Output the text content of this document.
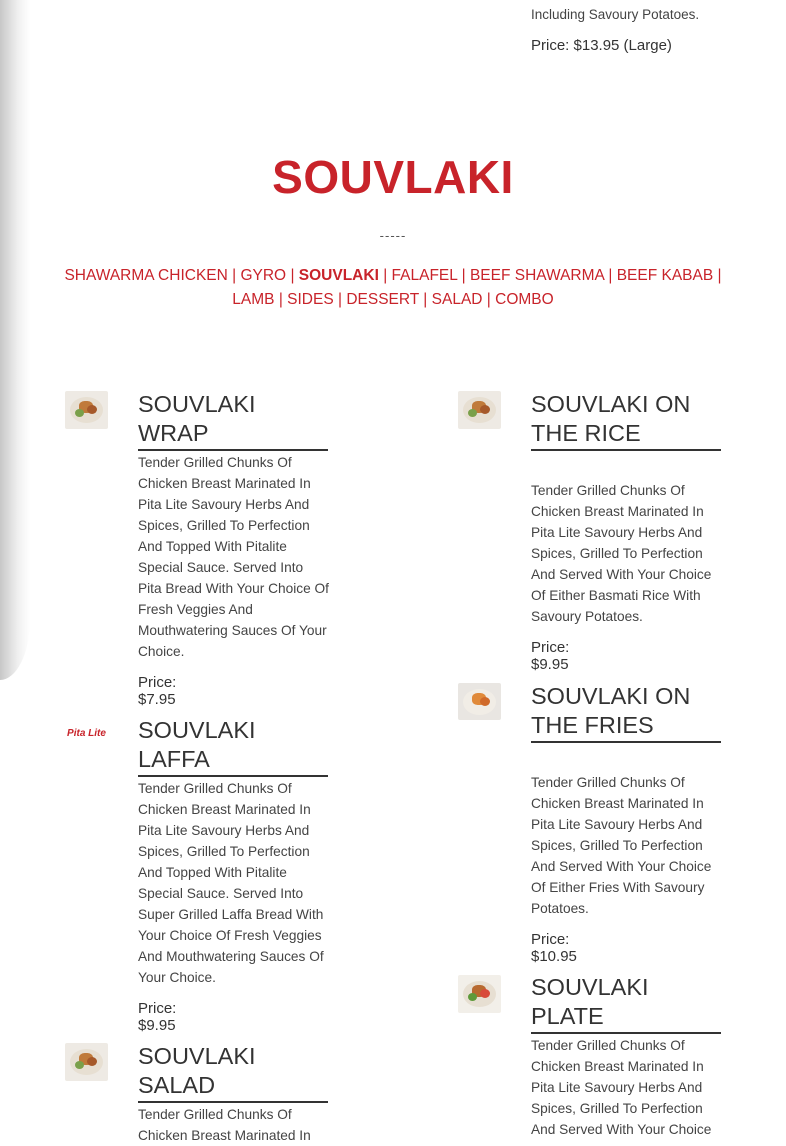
Including Savoury Potatoes.
Price: $13.95 (Large)
SOUVLAKI
-----
SHAWARMA CHICKEN | GYRO | SOUVLAKI | FALAFEL | BEEF SHAWARMA | BEEF KABAB | LAMB | SIDES | DESSERT | SALAD | COMBO
SOUVLAKI WRAP
Tender Grilled Chunks Of Chicken Breast Marinated In Pita Lite Savoury Herbs And Spices, Grilled To Perfection And Topped With Pitalite Special Sauce. Served Into Pita Bread With Your Choice Of Fresh Veggies And Mouthwatering Sauces Of Your Choice.
Price: $7.95
Pita Lite SOUVLAKI LAFFA
Tender Grilled Chunks Of Chicken Breast Marinated In Pita Lite Savoury Herbs And Spices, Grilled To Perfection And Topped With Pitalite Special Sauce. Served Into Super Grilled Laffa Bread With Your Choice Of Fresh Veggies And Mouthwatering Sauces Of Your Choice.
Price: $9.95
SOUVLAKI SALAD
Tender Grilled Chunks Of Chicken Breast Marinated In
SOUVLAKI ON THE RICE
Tender Grilled Chunks Of Chicken Breast Marinated In Pita Lite Savoury Herbs And Spices, Grilled To Perfection And Served With Your Choice Of Either Basmati Rice With Savoury Potatoes.
Price: $9.95
SOUVLAKI ON THE FRIES
Tender Grilled Chunks Of Chicken Breast Marinated In Pita Lite Savoury Herbs And Spices, Grilled To Perfection And Served With Your Choice Of Either Fries With Savoury Potatoes.
Price: $10.95
SOUVLAKI PLATE
Tender Grilled Chunks Of Chicken Breast Marinated In Pita Lite Savoury Herbs And Spices, Grilled To Perfection And Served With Your Choice
